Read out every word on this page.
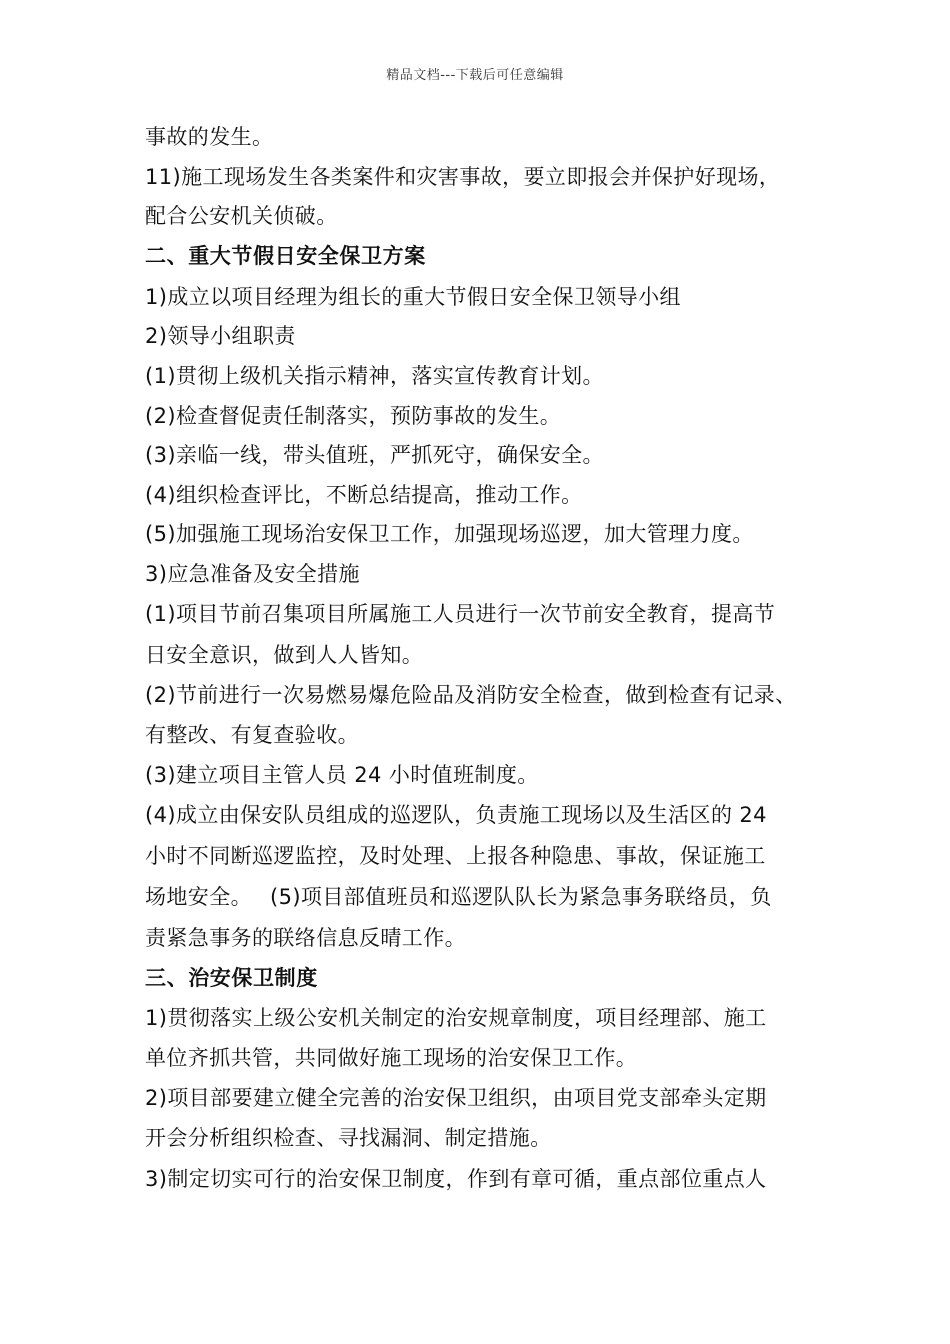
精品文档---下载后可任意编辑
事故的发生。
11)施工现场发生各类案件和灾害事故，要立即报会并保护好现场，
配合公安机关侦破。
二、重大节假日安全保卫方案
1)成立以项目经理为组长的重大节假日安全保卫领导小组
2)领导小组职责
(1)贯彻上级机关指示精神，落实宣传教育计划。
(2)检查督促责任制落实，预防事故的发生。
(3)亲临一线，带头值班，严抓死守，确保安全。
(4)组织检查评比，不断总结提高，推动工作。
(5)加强施工现场治安保卫工作，加强现场巡逻，加大管理力度。
3)应急准备及安全措施
(1)项目节前召集项目所属施工人员进行一次节前安全教育，提高节
日安全意识，做到人人皆知。
(2)节前进行一次易燃易爆危险品及消防安全检查，做到检查有记录、
有整改、有复查验收。
(3)建立项目主管人员 24 小时值班制度。
(4)成立由保安队员组成的巡逻队，负责施工现场以及生活区的 24
小时不同断巡逻监控，及时处理、上报各种隐患、事故，保证施工
场地安全。　 (5)项目部值班员和巡逻队队长为紧急事务联络员，负
责紧急事务的联络信息反晴工作。
三、治安保卫制度
1)贯彻落实上级公安机关制定的治安规章制度，项目经理部、施工
单位齐抓共管，共同做好施工现场的治安保卫工作。
2)项目部要建立健全完善的治安保卫组织，由项目党支部牵头定期
开会分析组织检查、寻找漏洞、制定措施。
3)制定切实可行的治安保卫制度，作到有章可循，重点部位重点人
